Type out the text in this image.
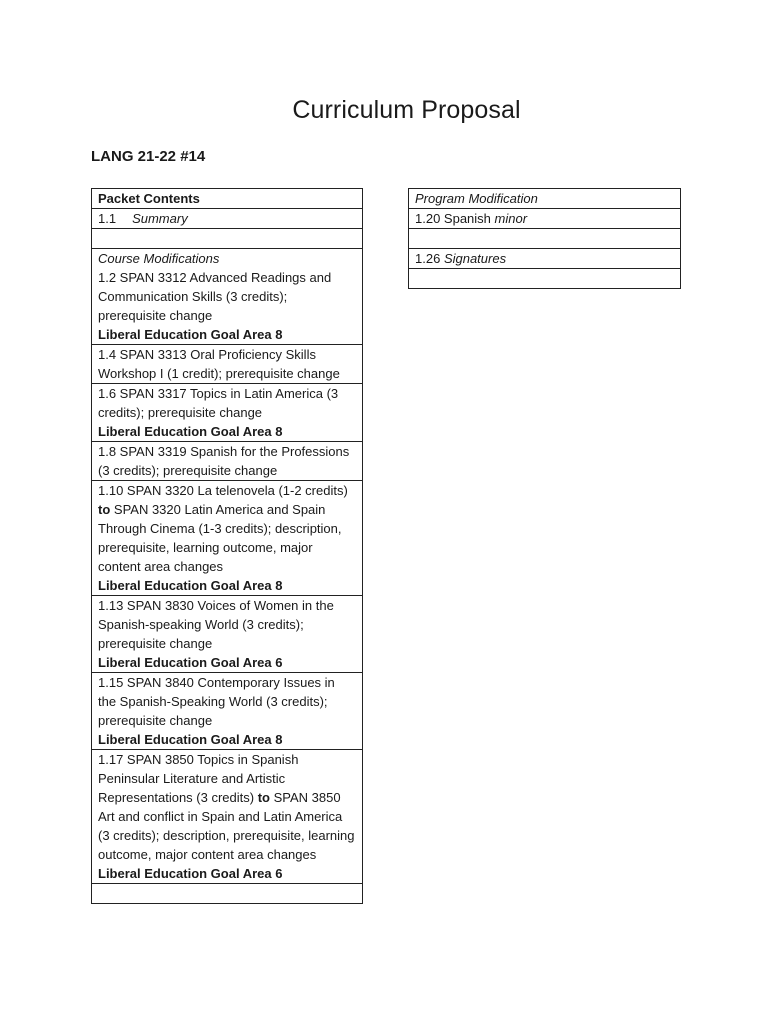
Curriculum Proposal
LANG 21-22 #14
Packet Contents
1.1 Summary

Course Modifications
1.2 SPAN 3312 Advanced Readings and Communication Skills (3 credits); prerequisite change
Liberal Education Goal Area 8

1.4 SPAN 3313 Oral Proficiency Skills Workshop I (1 credit); prerequisite change

1.6 SPAN 3317 Topics in Latin America (3 credits); prerequisite change
Liberal Education Goal Area 8

1.8 SPAN 3319 Spanish for the Professions (3 credits); prerequisite change

1.10 SPAN 3320 La telenovela (1-2 credits) to SPAN 3320 Latin America and Spain Through Cinema (1-3 credits); description, prerequisite, learning outcome, major content area changes
Liberal Education Goal Area 8

1.13 SPAN 3830 Voices of Women in the Spanish-speaking World (3 credits); prerequisite change
Liberal Education Goal Area 6

1.15 SPAN 3840 Contemporary Issues in the Spanish-Speaking World (3 credits); prerequisite change
Liberal Education Goal Area 8

1.17 SPAN 3850 Topics in Spanish Peninsular Literature and Artistic Representations (3 credits) to SPAN 3850 Art and conflict in Spain and Latin America (3 credits); description, prerequisite, learning outcome, major content area changes
Liberal Education Goal Area 6

Program Modification
1.20 Spanish minor

1.26 Signatures
